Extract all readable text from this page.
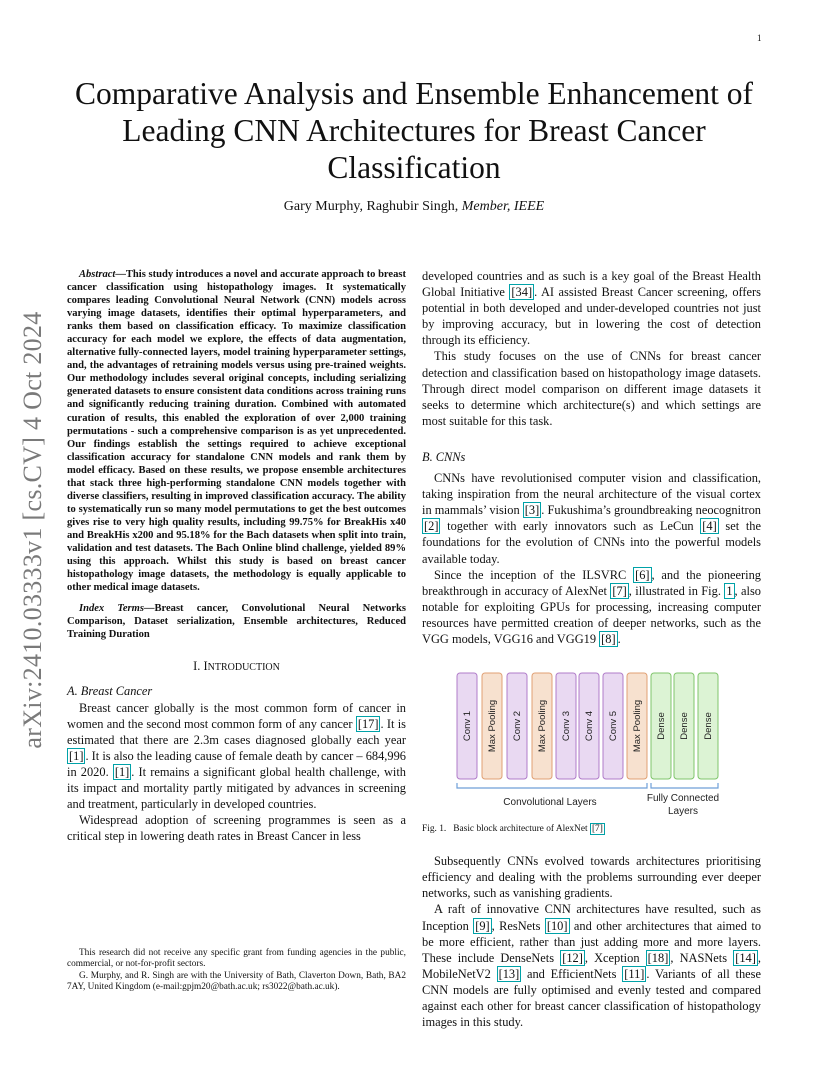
1
arXiv:2410.03333v1 [cs.CV] 4 Oct 2024
Comparative Analysis and Ensemble Enhancement of Leading CNN Architectures for Breast Cancer Classification
Gary Murphy, Raghubir Singh, Member, IEEE

Abstract—This study introduces a novel and accurate approach to breast cancer classification using histopathology images. It systematically compares leading Convolutional Neural Network (CNN) models across varying image datasets, identifies their optimal hyperparameters, and ranks them based on classification efficacy. To maximize classification accuracy for each model we explore, the effects of data augmentation, alternative fully-connected layers, model training hyperparameter settings, and, the advantages of retraining models versus using pre-trained weights. Our methodology includes several original concepts, including serializing generated datasets to ensure consistent data conditions across training runs and significantly reducing training duration. Combined with automated curation of results, this enabled the exploration of over 2,000 training permutations - such a comprehensive comparison is as yet unprecedented. Our findings establish the settings required to achieve exceptional classification accuracy for standalone CNN models and rank them by model efficacy. Based on these results, we propose ensemble architectures that stack three high-performing standalone CNN models together with diverse classifiers, resulting in improved classification accuracy. The ability to systematically run so many model permutations to get the best outcomes gives rise to very high quality results, including 99.75% for BreakHis x40 and BreakHis x200 and 95.18% for the Bach datasets when split into train, validation and test datasets. The Bach Online blind challenge, yielded 89% using this approach. Whilst this study is based on breast cancer histopathology image datasets, the methodology is equally applicable to other medical image datasets.

Index Terms—Breast cancer, Convolutional Neural Networks Comparison, Dataset serialization, Ensemble architectures, Reduced Training Duration

I. INTRODUCTION
A. Breast Cancer

Breast cancer globally is the most common form of cancer in women and the second most common form of any cancer [17] . It is estimated that there are 2.3m cases diagnosed globally each year [1] . It is also the leading cause of female death by cancer – 684,996 in 2020. [1] . It remains a significant global health challenge, with its impact and mortality partly mitigated by advances in screening and treatment, particularly in developed countries.

Widespread adoption of screening programmes is seen as a critical step in lowering death rates in Breast Cancer in less

This research did not receive any specific grant from funding agencies in the public, commercial, or not-for-profit sectors.

G. Murphy, and R. Singh are with the University of Bath, Claverton Down, Bath, BA2 7AY, United Kingdom (e-mail:gpjm20@bath.ac.uk; rs3022@bath.ac.uk).

developed countries and as such is a key goal of the Breast Health Global Initiative [34] . AI assisted Breast Cancer screening, offers potential in both developed and under-developed countries not just by improving accuracy, but in lowering the cost of detection through its efficiency.

This study focuses on the use of CNNs for breast cancer detection and classification based on histopathology image datasets. Through direct model comparison on different image datasets it seeks to determine which architecture(s) and which settings are most suitable for this task.

B. CNNs

CNNs have revolutionised computer vision and classification, taking inspiration from the neural architecture of the visual cortex in mammals’ vision [3] . Fukushima’s groundbreaking neocognitron [2] together with early innovators such as LeCun [4] set the foundations for the evolution of CNNs into the powerful models available today.

Since the inception of the ILSVRC [6] , and the pioneering breakthrough in accuracy of AlexNet [7] , illustrated in Fig. 1 , also notable for exploiting GPUs for processing, increasing computer resources have permitted creation of deeper networks, such as the VGG models, VGG16 and VGG19 [8] .

Conv 1 Max Pooling Conv 2 Max Pooling Conv 3 Conv 4 Conv 5 Max Pooling Dense Dense Dense
Convolutional Layers	Fully Connected
Layers

Fig. 1. Basic block architecture of AlexNet [7]

Subsequently CNNs evolved towards architectures prioritising efficiency and dealing with the problems surrounding ever deeper networks, such as vanishing gradients.

A raft of innovative CNN architectures have resulted, such as Inception [9] , ResNets [10] and other architectures that aimed to be more efficient, rather than just adding more and more layers. These include DenseNets [12] , Xception [18] , NASNets [14] , MobileNetV2 [13] and EfficientNets [11] . Variants of all these CNN models are fully optimised and evenly tested and compared against each other for breast cancer classification of histopathology images in this study.
